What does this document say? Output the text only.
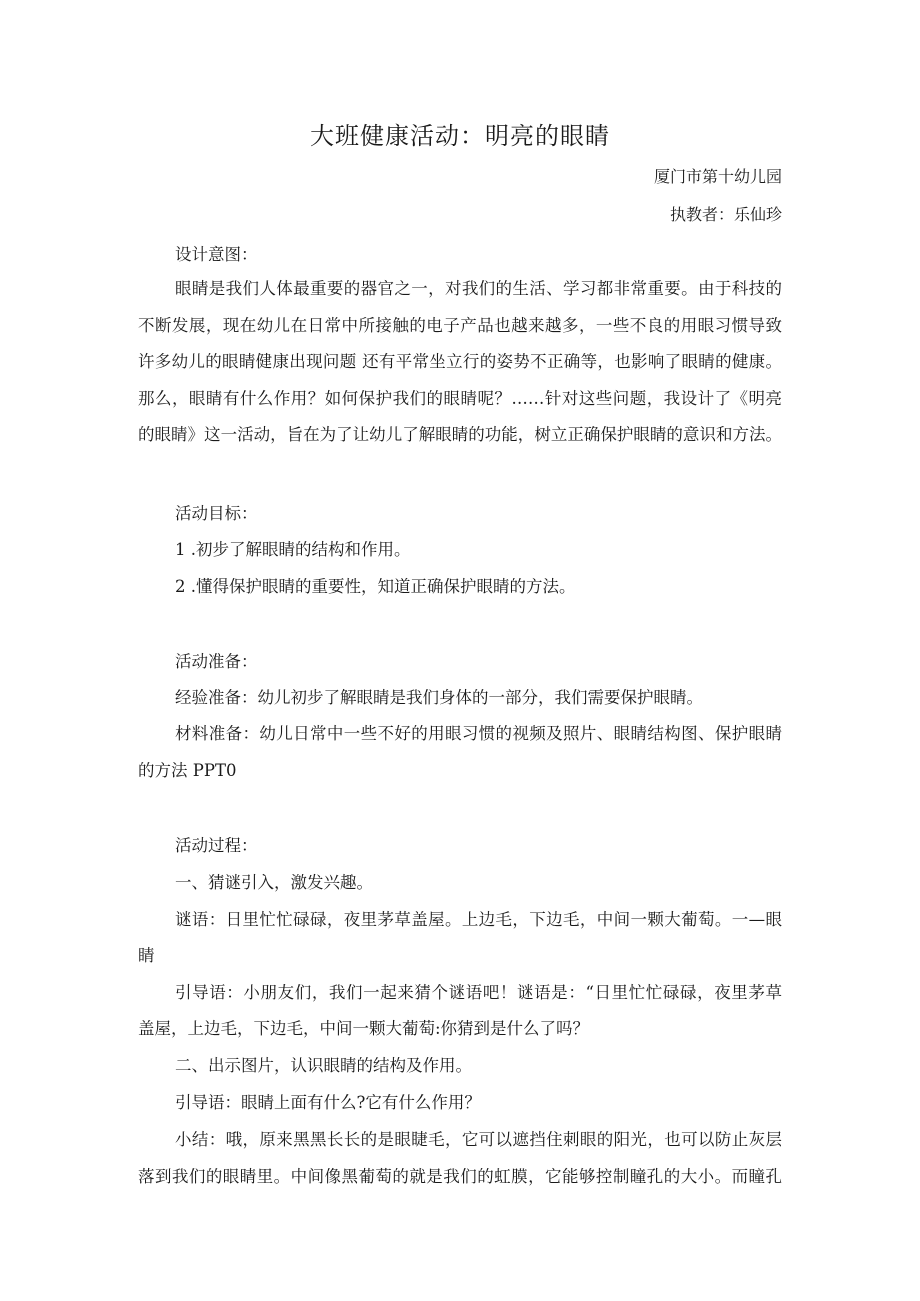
大班健康活动：明亮的眼睛
厦门市第十幼儿园
执教者：乐仙珍
设计意图：
眼睛是我们人体最重要的器官之一，对我们的生活、学习都非常重要。由于科技的
不断发展，现在幼儿在日常中所接触的电子产品也越来越多，一些不良的用眼习惯导致
许多幼儿的眼睛健康出现问题 还有平常坐立行的姿势不正确等，也影响了眼睛的健康。
那么，眼睛有什么作用？如何保护我们的眼睛呢？……针对这些问题，我设计了《明亮
的眼睛》这一活动，旨在为了让幼儿了解眼睛的功能，树立正确保护眼睛的意识和方法。
活动目标：
1 .初步了解眼睛的结构和作用。
2 .懂得保护眼睛的重要性，知道正确保护眼睛的方法。
活动准备：
经验准备：幼儿初步了解眼睛是我们身体的一部分，我们需要保护眼睛。
材料准备：幼儿日常中一些不好的用眼习惯的视频及照片、眼睛结构图、保护眼睛
的方法 PPT0
活动过程：
一、猜谜引入，激发兴趣。
谜语：日里忙忙碌碌，夜里茅草盖屋。上边毛，下边毛，中间一颗大葡萄。一—眼
睛
引导语：小朋友们，我们一起来猜个谜语吧！谜语是：“日里忙忙碌碌，夜里茅草
盖屋，上边毛，下边毛，中间一颗大葡萄:你猜到是什么了吗？
二、出示图片，认识眼睛的结构及作用。
引导语：眼睛上面有什么?它有什么作用？
小结：哦，原来黑黑长长的是眼睫毛，它可以遮挡住刺眼的阳光，也可以防止灰层
落到我们的眼睛里。中间像黑葡萄的就是我们的虹膜，它能够控制瞳孔的大小。而瞳孔
